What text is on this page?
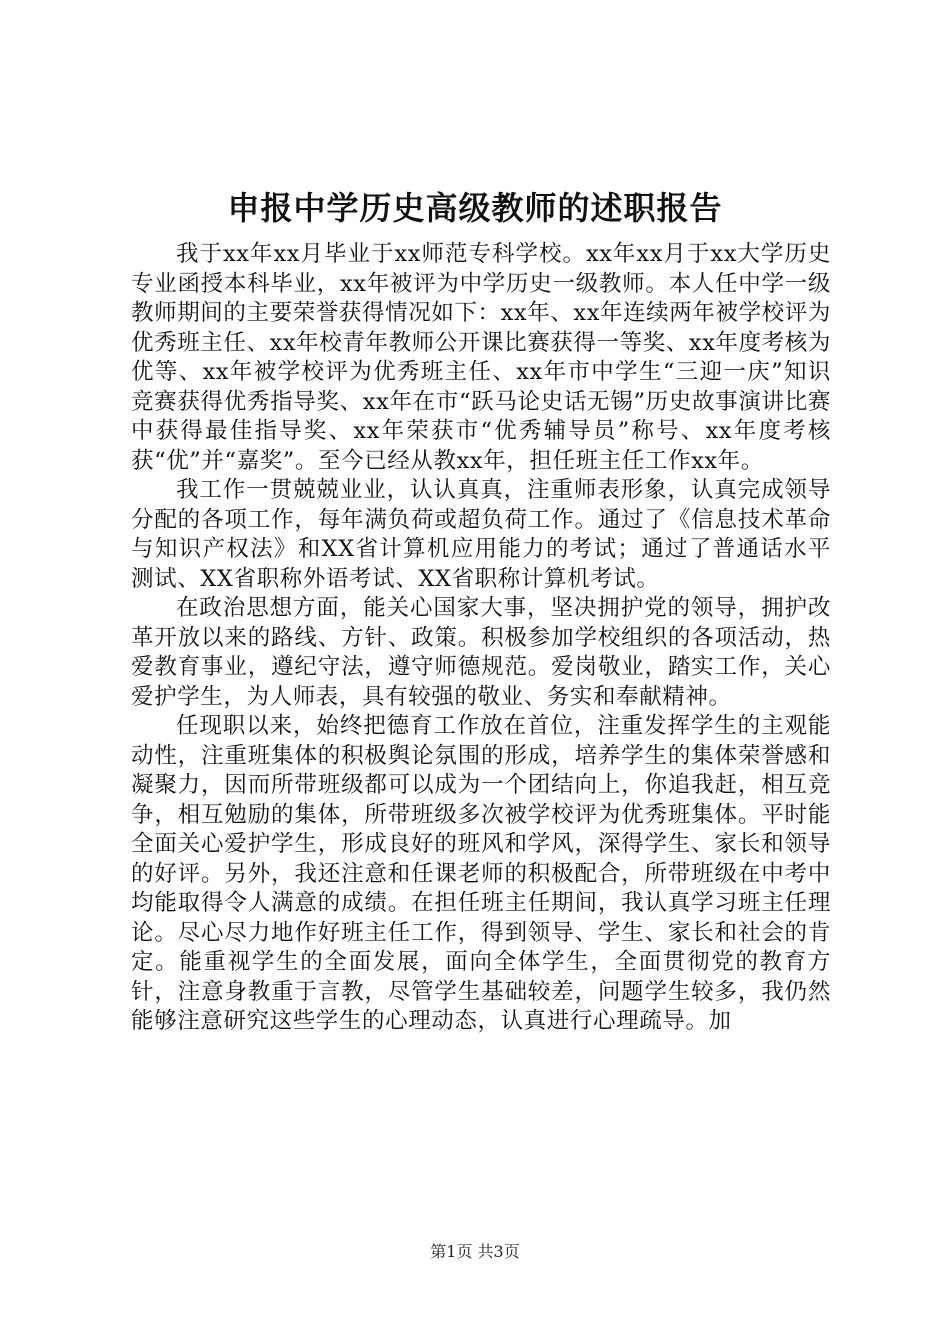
申报中学历史高级教师的述职报告

我于xx年xx月毕业于xx师范专科学校。xx年xx月于xx大学历史专业函授本科毕业，xx年被评为中学历史一级教师。本人任中学一级教师期间的主要荣誉获得情况如下：xx年、xx年连续两年被学校评为优秀班主任、xx年校青年教师公开课比赛获得一等奖、xx年度考核为优等、xx年被学校评为优秀班主任、xx年市中学生“三迎一庆”知识竞赛获得优秀指导奖、xx年在市“跃马论史话无锡”历史故事演讲比赛中获得最佳指导奖、xx年荣获市“优秀辅导员”称号、xx年度考核获“优”并“嘉奖”。至今已经从教xx年，担任班主任工作xx年。

我工作一贯兢兢业业，认认真真，注重师表形象，认真完成领导分配的各项工作，每年满负荷或超负荷工作。通过了《信息技术革命与知识产权法》和XX省计算机应用能力的考试；通过了普通话水平测试、XX省职称外语考试、XX省职称计算机考试。

在政治思想方面，能关心国家大事，坚决拥护党的领导，拥护改革开放以来的路线、方针、政策。积极参加学校组织的各项活动，热爱教育事业，遵纪守法，遵守师德规范。爱岗敬业，踏实工作，关心爱护学生，为人师表，具有较强的敬业、务实和奉献精神。

任现职以来，始终把德育工作放在首位，注重发挥学生的主观能动性，注重班集体的积极舆论氛围的形成，培养学生的集体荣誉感和凝聚力，因而所带班级都可以成为一个团结向上，你追我赶，相互竞争，相互勉励的集体，所带班级多次被学校评为优秀班集体。平时能全面关心爱护学生，形成良好的班风和学风，深得学生、家长和领导的好评。另外，我还注意和任课老师的积极配合，所带班级在中考中均能取得令人满意的成绩。在担任班主任期间，我认真学习班主任理论。尽心尽力地作好班主任工作，得到领导、学生、家长和社会的肯定。能重视学生的全面发展，面向全体学生，全面贯彻党的教育方针，注意身教重于言教，尽管学生基础较差，问题学生较多，我仍然能够注意研究这些学生的心理动态，认真进行心理疏导。加

第1页 共3页
